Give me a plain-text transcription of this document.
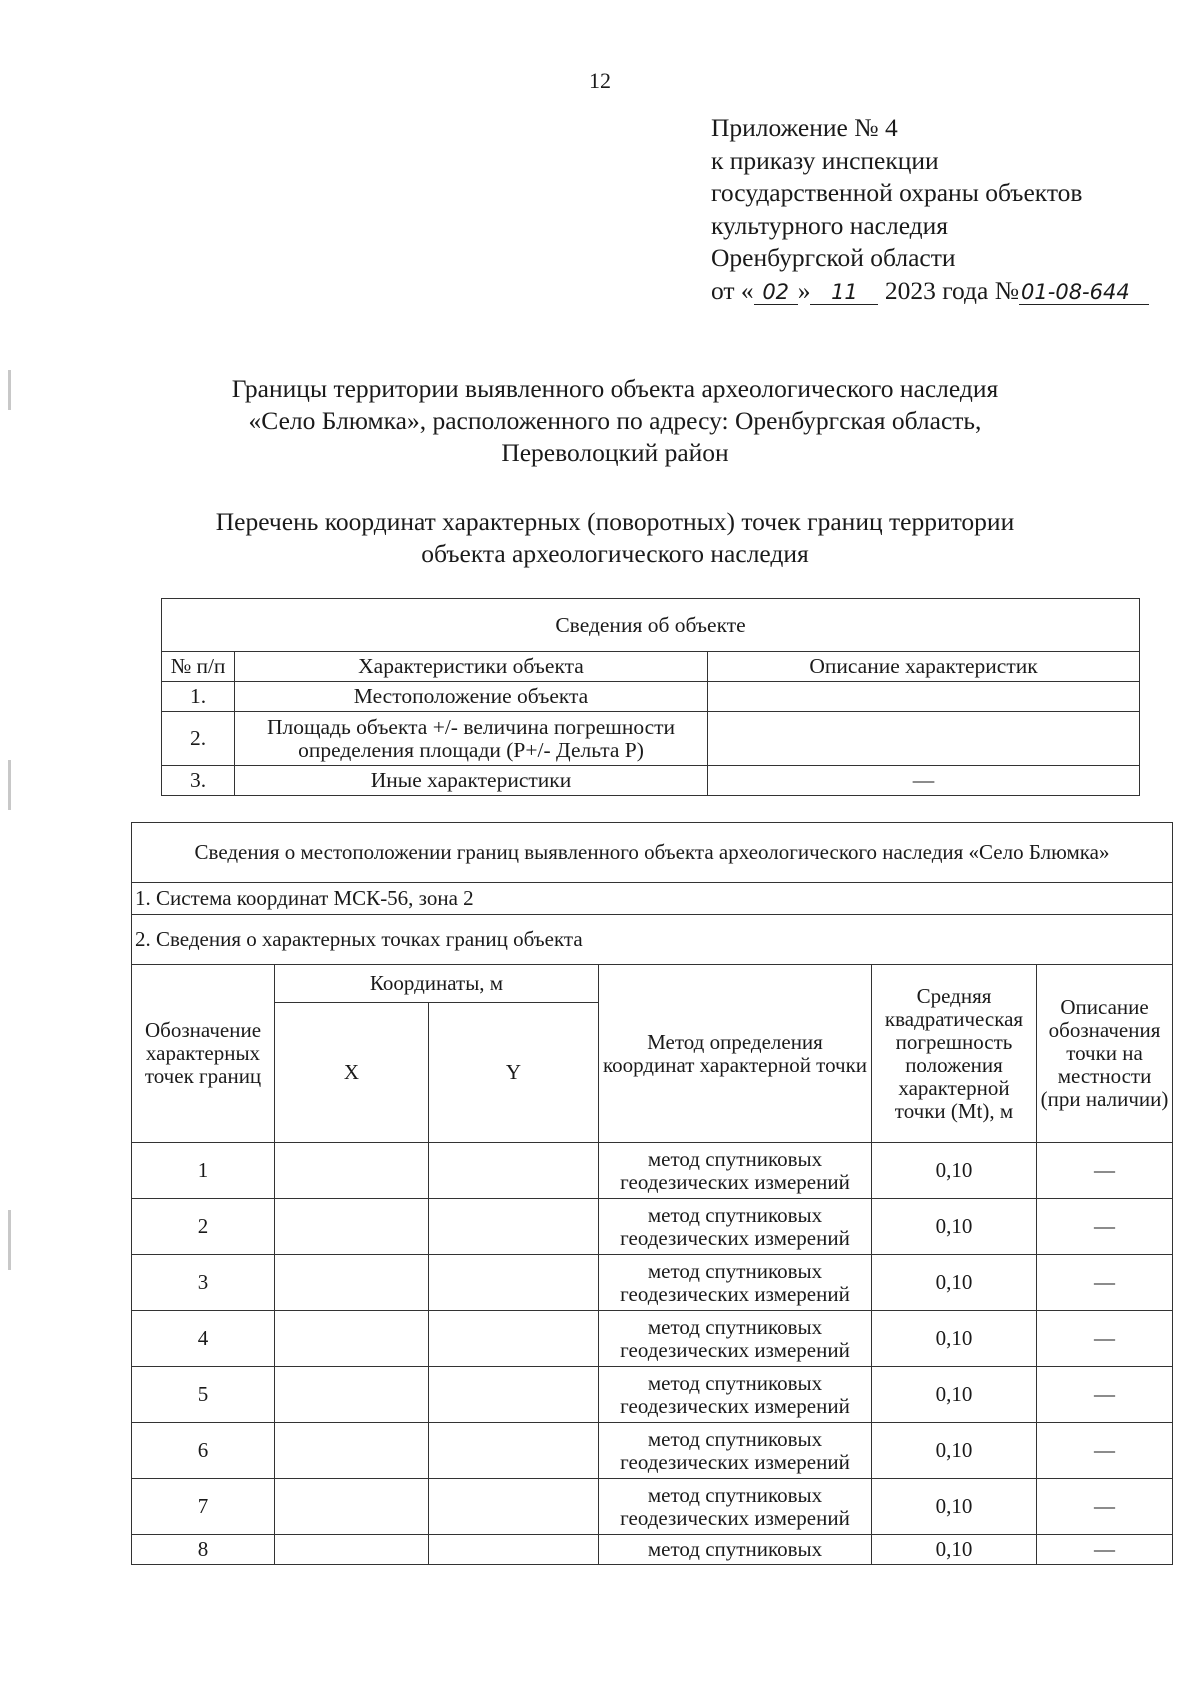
12
Приложение № 4
к приказу инспекции
государственной охраны объектов
культурного наследия
Оренбургской области
от « 02 » 11 2023 года №01-08-644
Границы территории выявленного объекта археологического наследия
«Село Блюмка», расположенного по адресу: Оренбургская область,
Переволоцкий район
Перечень координат характерных (поворотных) точек границ территории
объекта археологического наследия
Сведения об объекте		
№ п/п	Характеристики объекта	Описание характеристик
1.	Местоположение объекта	
2.	Площадь объекта +/- величина погрешности определения площади (Р+/- Дельта Р)	
3.	Иные характеристики	—
Сведения о местоположении границ выявленного объекта археологического наследия «Село Блюмка»					
1. Система координат МСК-56, зона 2					
2. Сведения о характерных точках границ объекта					
Обозначение характерных точек границ	Координаты, м		Метод определения координат характерной точки	Средняя квадратическая погрешность положения характерной точки (Mt), м	Описание обозначения точки на местности (при наличии)
	X	Y			
1			метод спутниковых геодезических измерений	0,10	—
2			метод спутниковых геодезических измерений	0,10	—
3			метод спутниковых геодезических измерений	0,10	—
4			метод спутниковых геодезических измерений	0,10	—
5			метод спутниковых геодезических измерений	0,10	—
6			метод спутниковых геодезических измерений	0,10	—
7			метод спутниковых геодезических измерений	0,10	—
8			метод спутниковых	0,10	—
